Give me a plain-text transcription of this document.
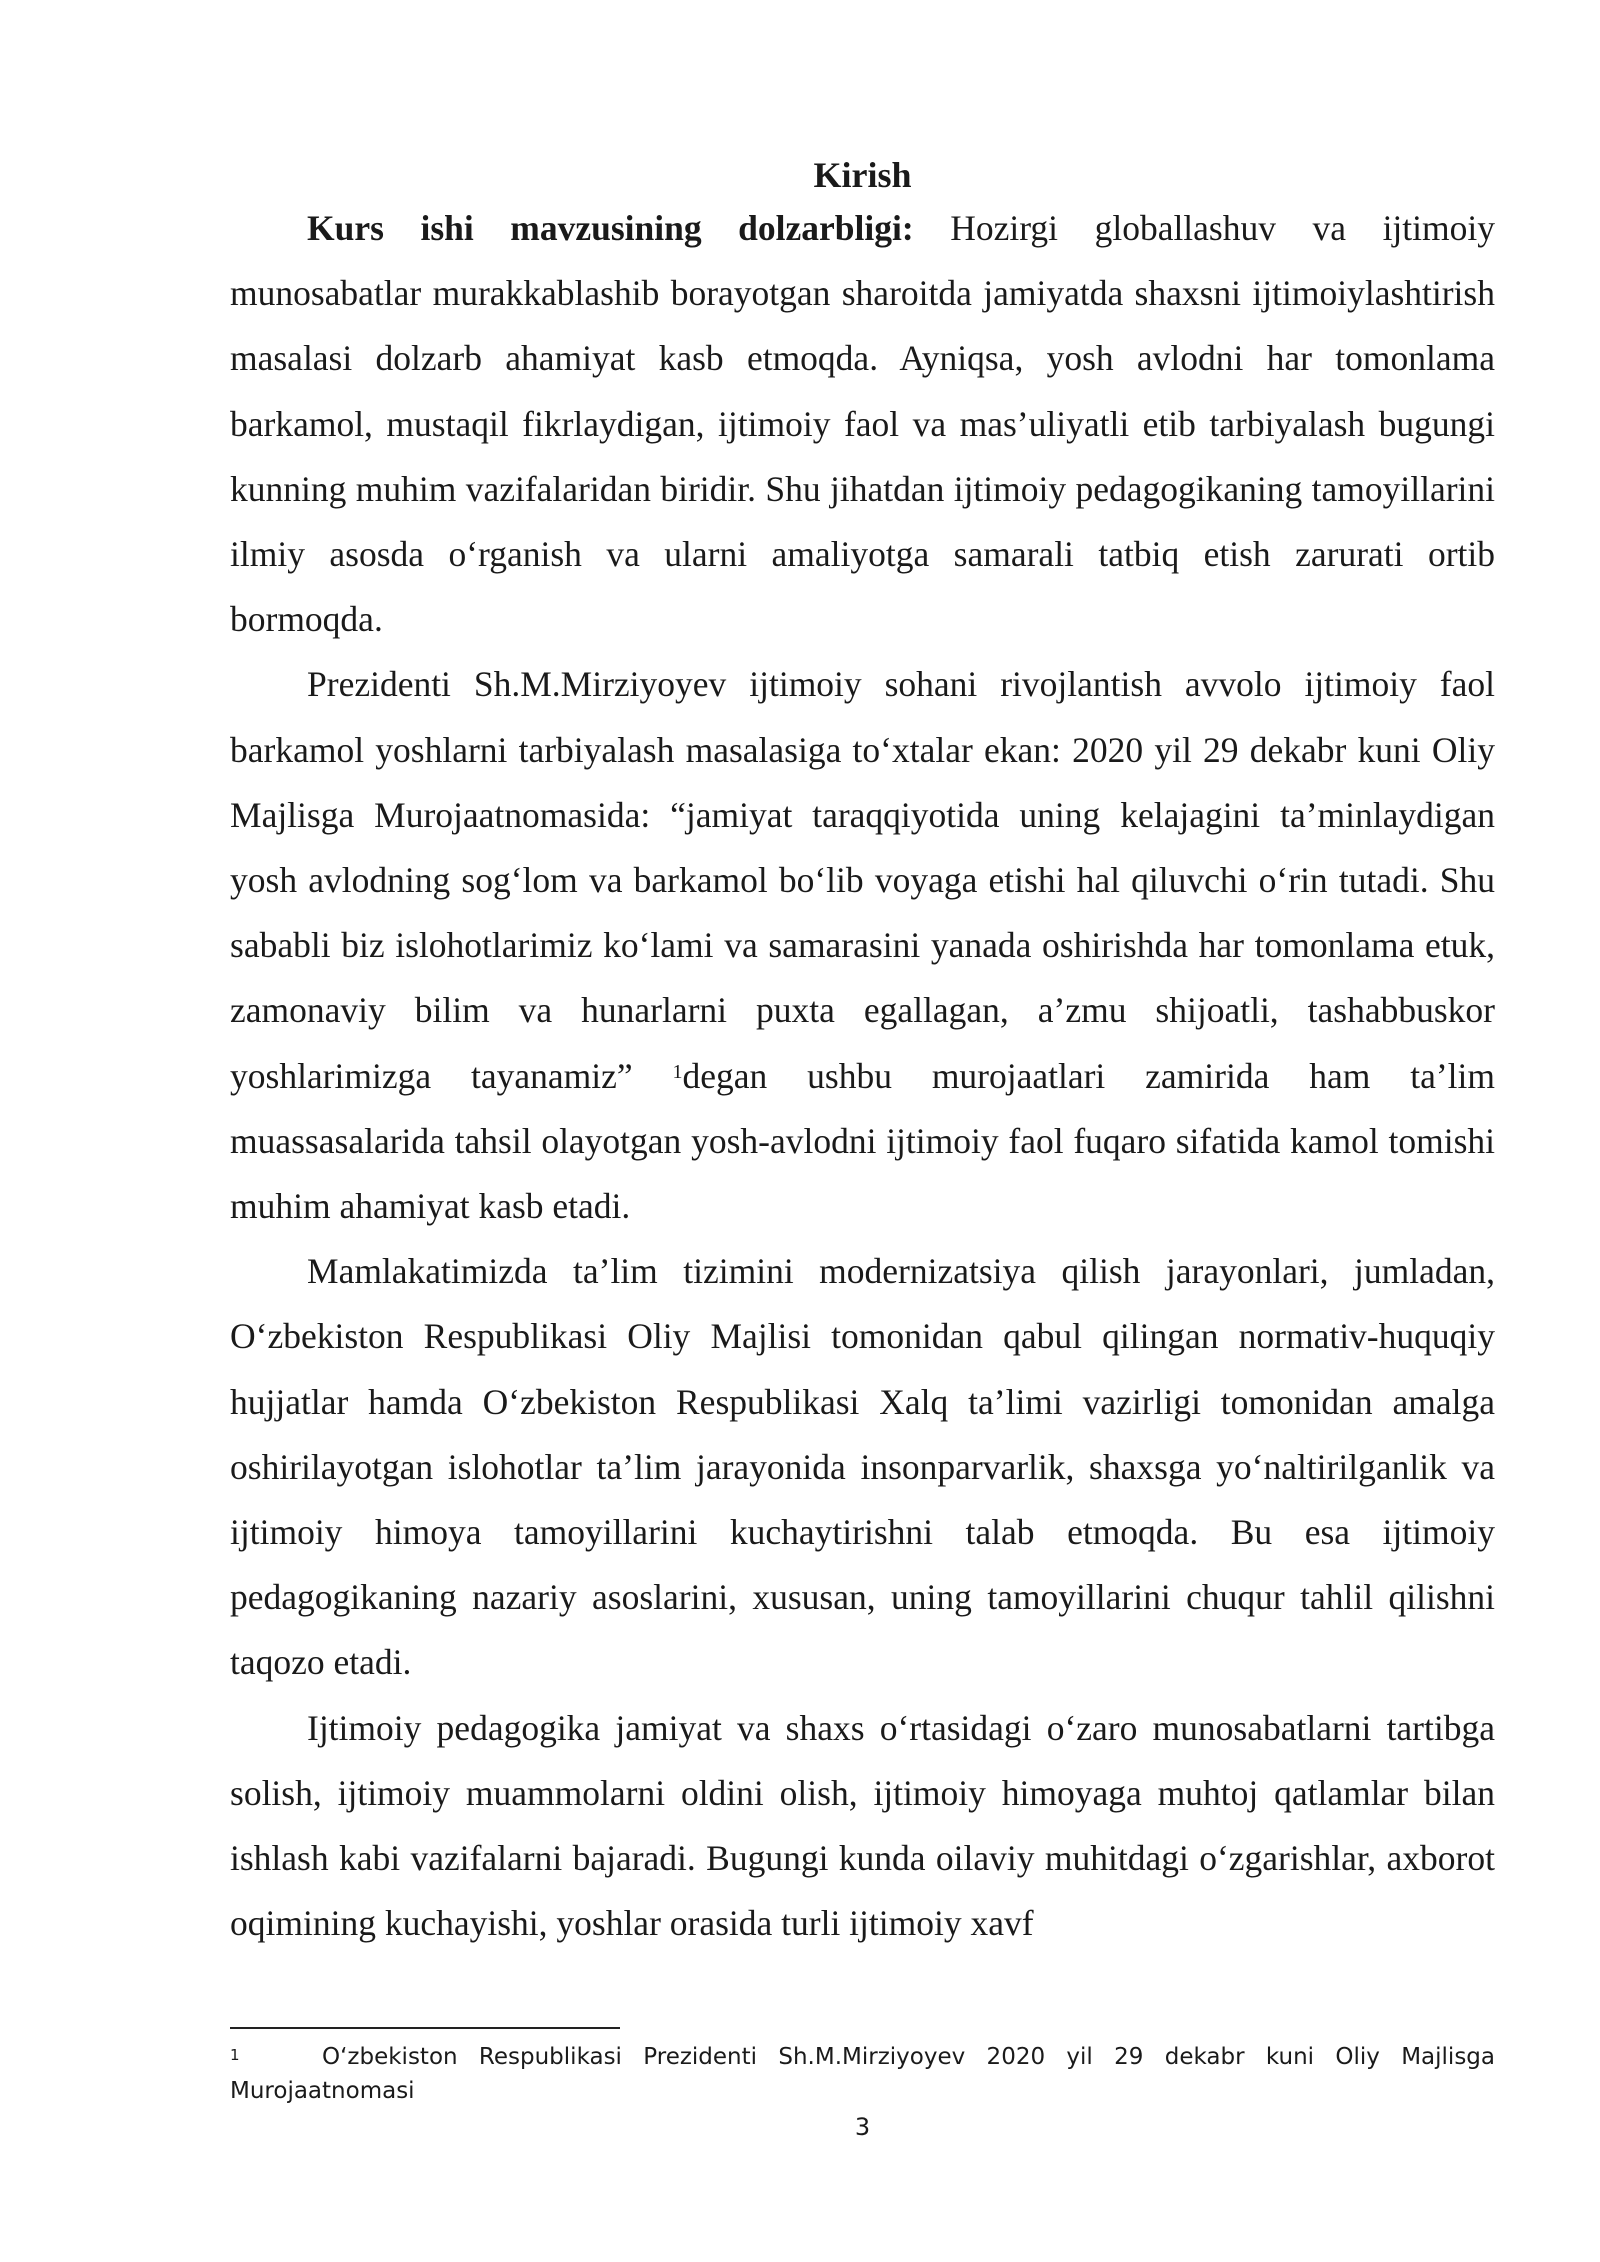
Kirish

Kurs ishi mavzusining dolzarbligi: Hozirgi globallashuv va ijtimoiy munosabatlar murakkablashib borayotgan sharoitda jamiyatda shaxsni ijtimoiylashtirish masalasi dolzarb ahamiyat kasb etmoqda. Ayniqsa, yosh avlodni har tomonlama barkamol, mustaqil fikrlaydigan, ijtimoiy faol va mas’uliyatli etib tarbiyalash bugungi kunning muhim vazifalaridan biridir. Shu jihatdan ijtimoiy pedagogikaning tamoyillarini ilmiy asosda o‘rganish va ularni amaliyotga samarali tatbiq etish zarurati ortib bormoqda.

Prezidenti Sh.M.Mirziyoyev ijtimoiy sohani rivojlantish avvolo ijtimoiy faol barkamol yoshlarni tarbiyalash masalasiga to‘xtalar ekan: 2020 yil 29 dekabr kuni Oliy Majlisga Murojaatnomasida: “jamiyat taraqqiyotida uning kelajagini ta’minlaydigan yosh avlodning sog‘lom va barkamol bo‘lib voyaga etishi hal qiluvchi o‘rin tutadi. Shu sababli biz islohotlarimiz ko‘lami va samarasini yanada oshirishda har tomonlama etuk, zamonaviy bilim va hunarlarni puxta egallagan, a’zmu shijoatli, tashabbuskor yoshlarimizga tayanamiz” $^1$degan ushbu murojaatlari zamirida ham ta’lim muassasalarida tahsil olayotgan yosh-avlodni ijtimoiy faol fuqaro sifatida kamol tomishi muhim ahamiyat kasb etadi.

Mamlakatimizda ta’lim tizimini modernizatsiya qilish jarayonlari, jumladan, O‘zbekiston Respublikasi Oliy Majlisi tomonidan qabul qilingan normativ-huquqiy hujjatlar hamda O‘zbekiston Respublikasi Xalq ta’limi vazirligi tomonidan amalga oshirilayotgan islohotlar ta’lim jarayonida insonparvarlik, shaxsga yo‘naltirilganlik va ijtimoiy himoya tamoyillarini kuchaytirishni talab etmoqda. Bu esa ijtimoiy pedagogikaning nazariy asoslarini, xususan, uning tamoyillarini chuqur tahlil qilishni taqozo etadi.

Ijtimoiy pedagogika jamiyat va shaxs o‘rtasidagi o‘zaro munosabatlarni tartibga solish, ijtimoiy muammolarni oldini olish, ijtimoiy himoyaga muhtoj qatlamlar bilan ishlash kabi vazifalarni bajaradi. Bugungi kunda oilaviy muhitdagi o‘zgarishlar, axborot oqimining kuchayishi, yoshlar orasida turli ijtimoiy xavf

1	O‘zbekiston Respublikasi Prezidenti Sh.M.Mirziyoyev 2020 yil 29 dekabr kuni Oliy Majlisga Murojaatnomasi
3
